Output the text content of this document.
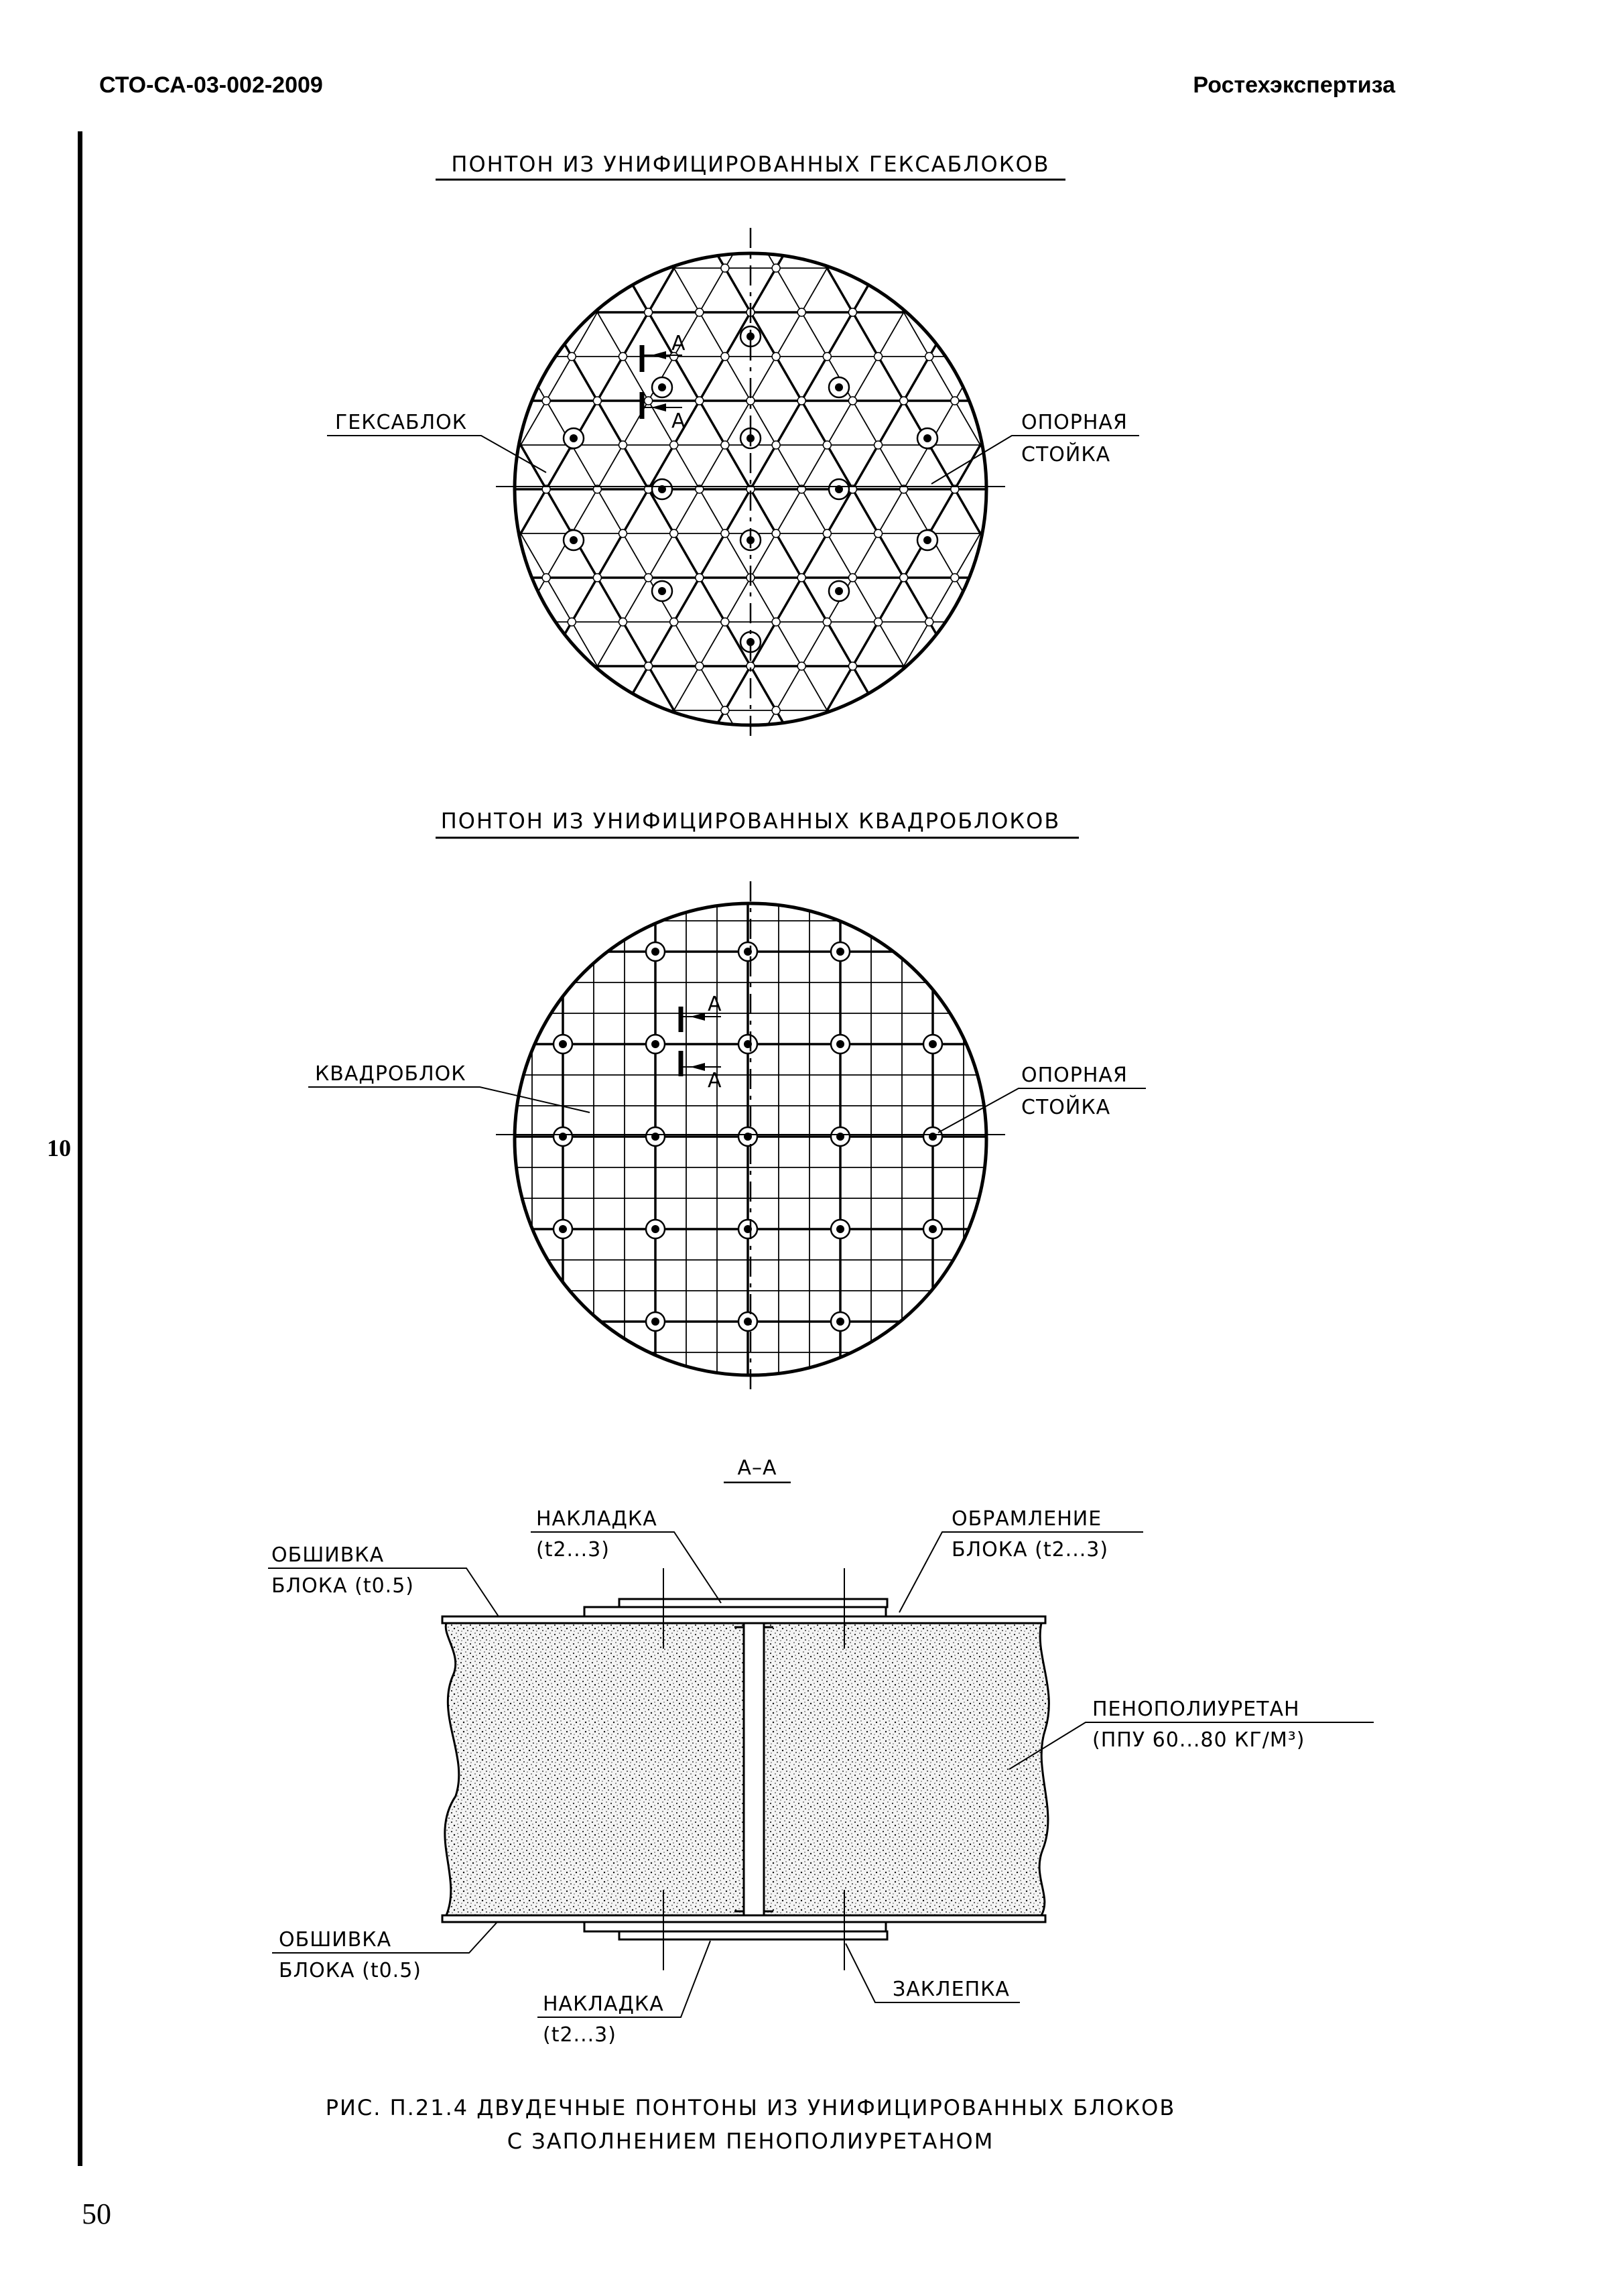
СТО-СА-03-002-2009	Ростехэкспертиза
10
50
ПОНТОН ИЗ УНИФИЦИРОВАННЫХ ГЕКСАБЛОКОВ
А
А
ГЕКСАБЛОК	ОПОРНАЯ
СТОЙКА
ПОНТОН ИЗ УНИФИЦИРОВАННЫХ КВАДРОБЛОКОВ
А
А
КВАДРОБЛОК	ОПОРНАЯ
СТОЙКА
А–А
НАКЛАДКА
(t2...3)
ОБРАМЛЕНИЕ
БЛОКА (t2...3)
ОБШИВКА
БЛОКА (t0.5)
ПЕНОПОЛИУРЕТАН
(ППУ 60...80 КГ/М³)
ОБШИВКА
БЛОКА (t0.5)
НАКЛАДКА
(t2...3)
ЗАКЛЕПКА
РИС. П.21.4 ДВУДЕЧНЫЕ ПОНТОНЫ ИЗ УНИФИЦИРОВАННЫХ БЛОКОВ
С ЗАПОЛНЕНИЕМ ПЕНОПОЛИУРЕТАНОМ
